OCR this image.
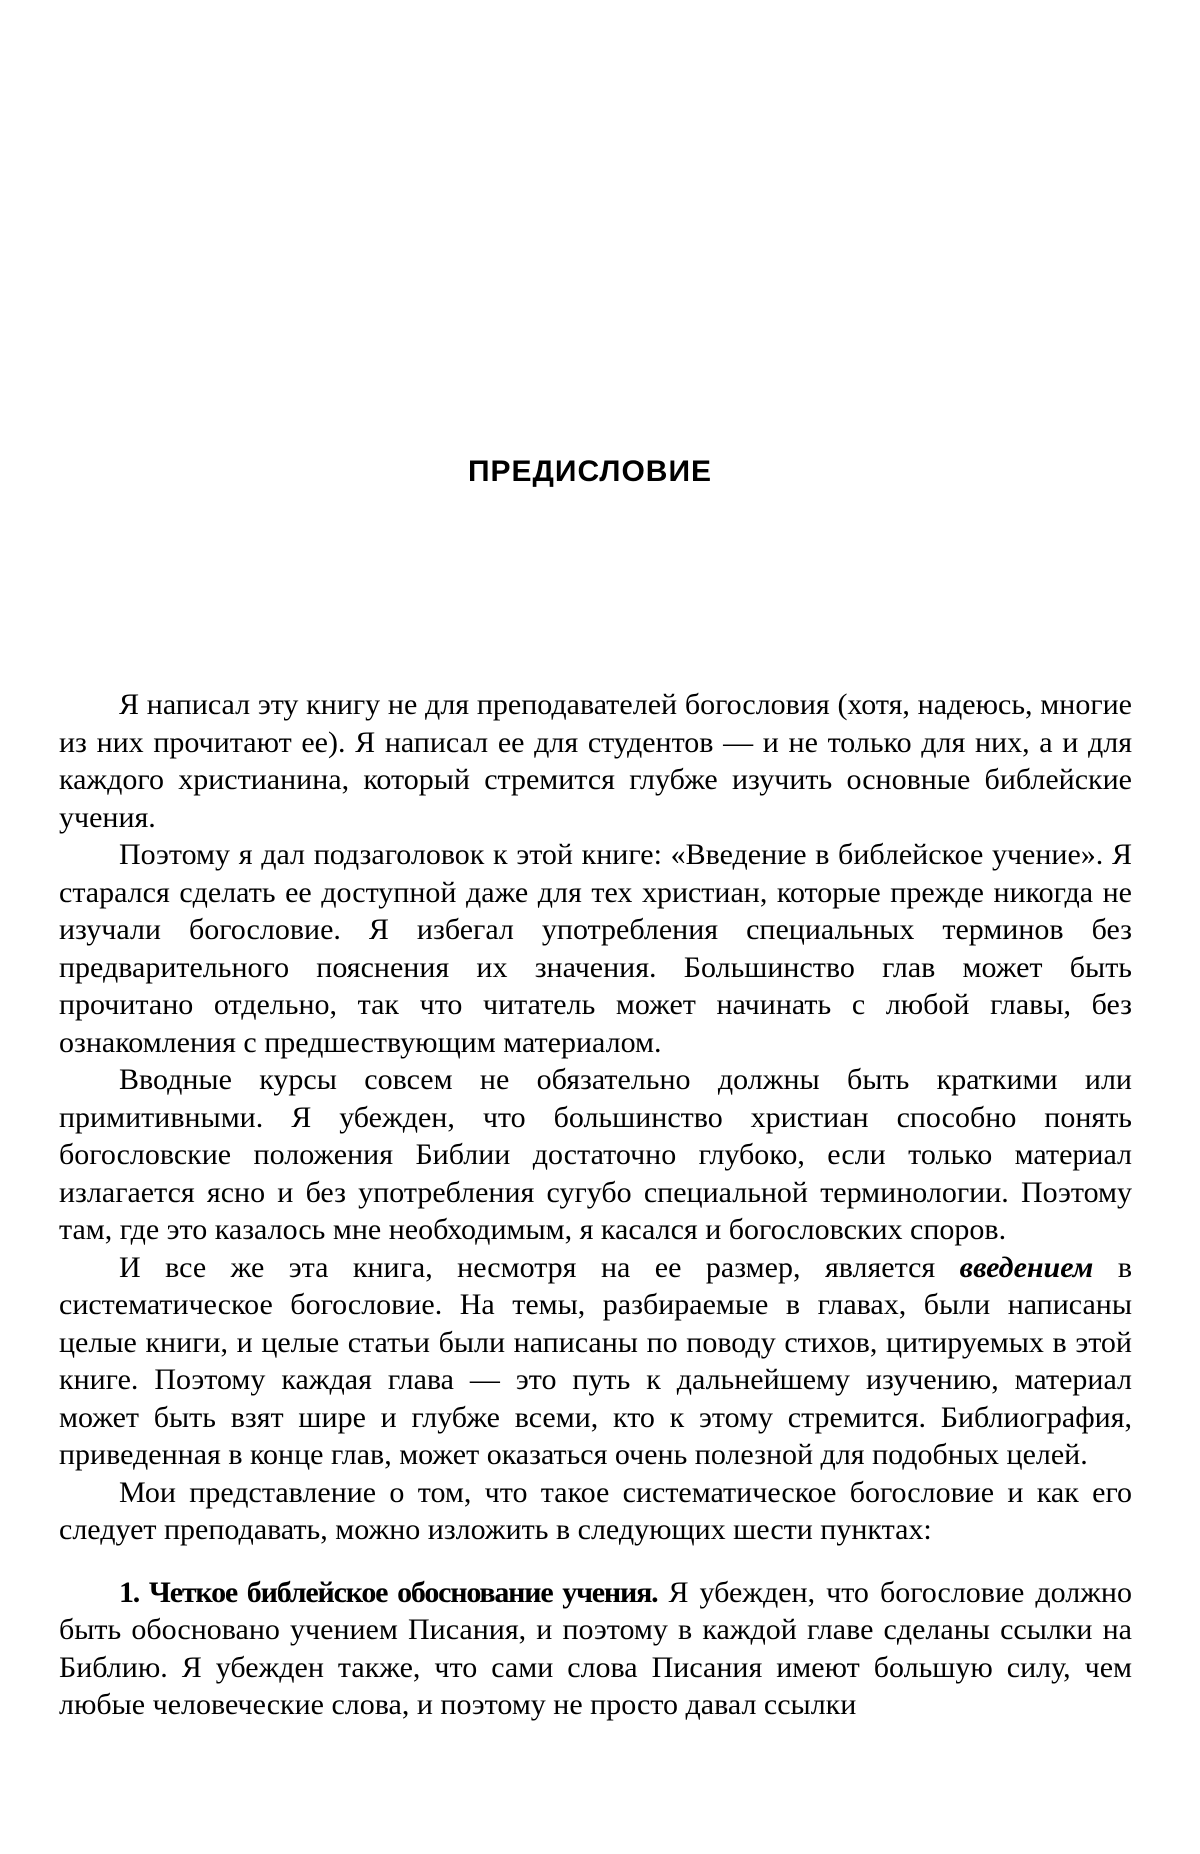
ПРЕДИСЛОВИЕ

Я написал эту книгу не для преподавателей богословия (хотя, надеюсь, многие из них прочитают ее). Я написал ее для студентов — и не только для них, а и для каждого христианина, который стремится глубже изучить основные библейские учения.

Поэтому я дал подзаголовок к этой книге: «Введение в библейское учение». Я старался сделать ее доступной даже для тех христиан, которые прежде никогда не изучали богословие. Я избегал употребления специальных терминов без предварительного пояснения их значения. Большинство глав может быть прочитано отдельно, так что читатель может начинать с любой главы, без ознакомления с предшествующим материалом.

Вводные курсы совсем не обязательно должны быть краткими или примитивными. Я убежден, что большинство христиан способно понять богословские положения Библии достаточно глубоко, если только материал излагается ясно и без употребления сугубо специальной терминологии. Поэтому там, где это казалось мне необходимым, я касался и богословских споров.

И все же эта книга, несмотря на ее размер, является введением в систематическое богословие. На темы, разбираемые в главах, были написаны целые книги, и целые статьи были написаны по поводу стихов, цитируемых в этой книге. Поэтому каждая глава — это путь к дальнейшему изучению, материал может быть взят шире и глубже всеми, кто к этому стремится. Библиография, приведенная в конце глав, может оказаться очень полезной для подобных целей.

Мои представление о том, что такое систематическое богословие и как его следует преподавать, можно изложить в следующих шести пунктах:

1. Четкое библейское обоснование учения. Я убежден, что богословие должно быть обосновано учением Писания, и поэтому в каждой главе сделаны ссылки на Библию. Я убежден также, что сами слова Писания имеют большую силу, чем любые человеческие слова, и поэтому не просто давал ссылки
